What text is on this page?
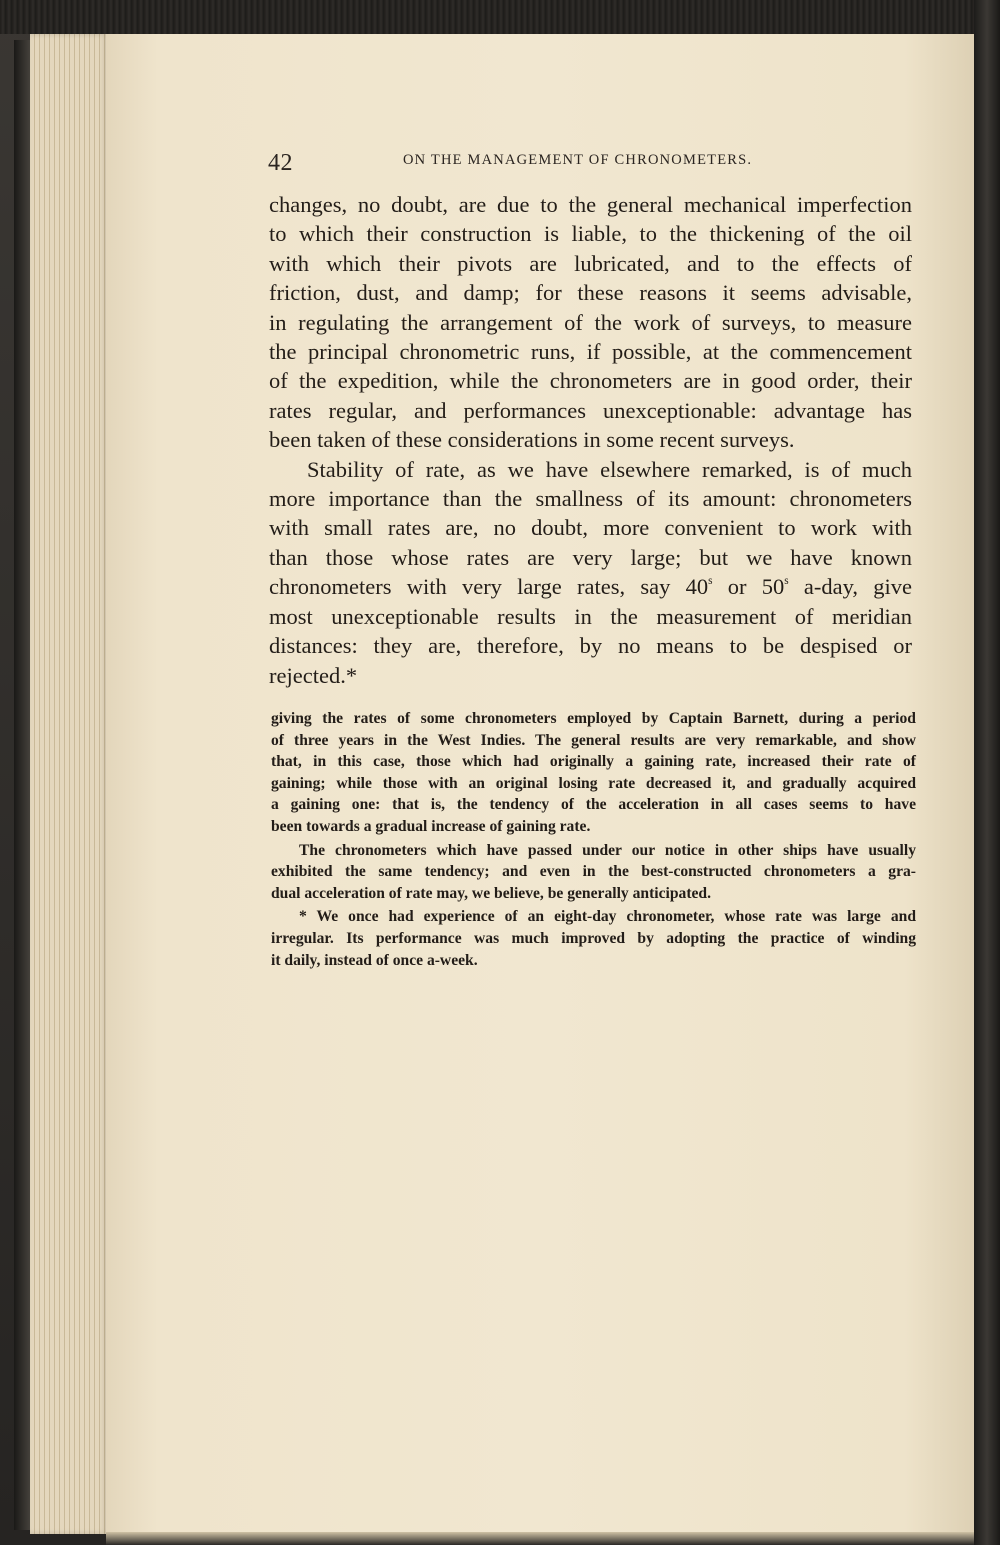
42	ON THE MANAGEMENT OF CHRONOMETERS.

changes, no doubt, are due to the general mechanical imperfection
to which their construction is liable, to the thickening of the oil
with which their pivots are lubricated, and to the effects of
friction, dust, and damp; for these reasons it seems advisable,
in regulating the arrangement of the work of surveys, to measure
the principal chronometric runs, if possible, at the commencement
of the expedition, while the chronometers are in good order, their
rates regular, and performances unexceptionable: advantage has
been taken of these considerations in some recent surveys.

Stability of rate, as we have elsewhere remarked, is of much
more importance than the smallness of its amount: chronometers
with small rates are, no doubt, more convenient to work with
than those whose rates are very large; but we have known
chronometers with very large rates, say 40$^s$ or 50$^s$ a-day, give
most unexceptionable results in the measurement of meridian
distances: they are, therefore, by no means to be despised or
rejected.*

giving the rates of some chronometers employed by Captain Barnett, during a period
of three years in the West Indies. The general results are very remarkable, and show
that, in this case, those which had originally a gaining rate, increased their rate of
gaining; while those with an original losing rate decreased it, and gradually acquired
a gaining one: that is, the tendency of the acceleration in all cases seems to have
been towards a gradual increase of gaining rate.
The chronometers which have passed under our notice in other ships have usually
exhibited the same tendency; and even in the best-constructed chronometers a gra-
dual acceleration of rate may, we believe, be generally anticipated.
* We once had experience of an eight-day chronometer, whose rate was large and
irregular. Its performance was much improved by adopting the practice of winding
it daily, instead of once a-week.
